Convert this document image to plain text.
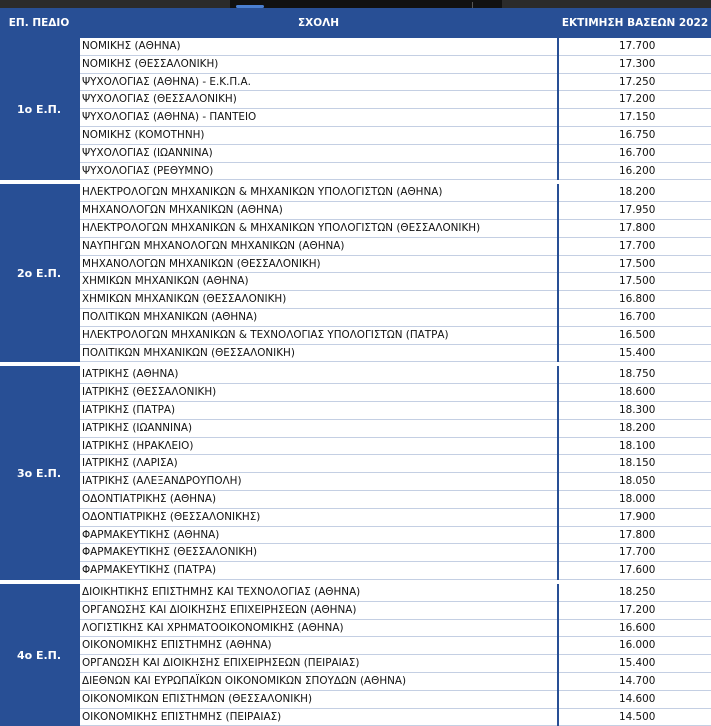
ΕΠ. ΠΕΔΙΟ	ΣΧΟΛΗ	ΕΚΤΙΜΗΣΗ ΒΑΣΕΩΝ 2022
1ο Ε.Π.
ΝΟΜΙΚΗΣ (ΑΘΗΝΑ)
ΝΟΜΙΚΗΣ (ΘΕΣΣΑΛΟΝΙΚΗ)
ΨΥΧΟΛΟΓΙΑΣ (ΑΘΗΝΑ) - Ε.Κ.Π.Α.
ΨΥΧΟΛΟΓΙΑΣ (ΘΕΣΣΑΛΟΝΙΚΗ)
ΨΥΧΟΛΟΓΙΑΣ (ΑΘΗΝΑ) - ΠΑΝΤΕΙΟ
ΝΟΜΙΚΗΣ (ΚΟΜΟΤΗΝΗ)
ΨΥΧΟΛΟΓΙΑΣ (ΙΩΑΝΝΙΝΑ)
ΨΥΧΟΛΟΓΙΑΣ (ΡΕΘΥΜΝΟ)
17.700
17.300
17.250
17.200
17.150
16.750
16.700
16.200
2ο Ε.Π.
ΗΛΕΚΤΡΟΛΟΓΩΝ ΜΗΧΑΝΙΚΩΝ & ΜΗΧΑΝΙΚΩΝ ΥΠΟΛΟΓΙΣΤΩΝ (ΑΘΗΝΑ)
ΜΗΧΑΝΟΛΟΓΩΝ ΜΗΧΑΝΙΚΩΝ (ΑΘΗΝΑ)
ΗΛΕΚΤΡΟΛΟΓΩΝ ΜΗΧΑΝΙΚΩΝ & ΜΗΧΑΝΙΚΩΝ ΥΠΟΛΟΓΙΣΤΩΝ (ΘΕΣΣΑΛΟΝΙΚΗ)
ΝΑΥΠΗΓΩΝ ΜΗΧΑΝΟΛΟΓΩΝ ΜΗΧΑΝΙΚΩΝ (ΑΘΗΝΑ)
ΜΗΧΑΝΟΛΟΓΩΝ ΜΗΧΑΝΙΚΩΝ (ΘΕΣΣΑΛΟΝΙΚΗ)
ΧΗΜΙΚΩΝ ΜΗΧΑΝΙΚΩΝ (ΑΘΗΝΑ)
ΧΗΜΙΚΩΝ ΜΗΧΑΝΙΚΩΝ (ΘΕΣΣΑΛΟΝΙΚΗ)
ΠΟΛΙΤΙΚΩΝ ΜΗΧΑΝΙΚΩΝ (ΑΘΗΝΑ)
ΗΛΕΚΤΡΟΛΟΓΩΝ ΜΗΧΑΝΙΚΩΝ & ΤΕΧΝΟΛΟΓΙΑΣ ΥΠΟΛΟΓΙΣΤΩΝ (ΠΑΤΡΑ)
ΠΟΛΙΤΙΚΩΝ ΜΗΧΑΝΙΚΩΝ (ΘΕΣΣΑΛΟΝΙΚΗ)
18.200
17.950
17.800
17.700
17.500
17.500
16.800
16.700
16.500
15.400
3ο Ε.Π.
ΙΑΤΡΙΚΗΣ (ΑΘΗΝΑ)
ΙΑΤΡΙΚΗΣ (ΘΕΣΣΑΛΟΝΙΚΗ)
ΙΑΤΡΙΚΗΣ (ΠΑΤΡΑ)
ΙΑΤΡΙΚΗΣ (ΙΩΑΝΝΙΝΑ)
ΙΑΤΡΙΚΗΣ (ΗΡΑΚΛΕΙΟ)
ΙΑΤΡΙΚΗΣ (ΛΑΡΙΣΑ)
ΙΑΤΡΙΚΗΣ (ΑΛΕΞΑΝΔΡΟΥΠΟΛΗ)
ΟΔΟΝΤΙΑΤΡΙΚΗΣ (ΑΘΗΝΑ)
ΟΔΟΝΤΙΑΤΡΙΚΗΣ (ΘΕΣΣΑΛΟΝΙΚΗΣ)
ΦΑΡΜΑΚΕΥΤΙΚΗΣ (ΑΘΗΝΑ)
ΦΑΡΜΑΚΕΥΤΙΚΗΣ (ΘΕΣΣΑΛΟΝΙΚΗ)
ΦΑΡΜΑΚΕΥΤΙΚΗΣ (ΠΑΤΡΑ)
18.750
18.600
18.300
18.200
18.100
18.150
18.050
18.000
17.900
17.800
17.700
17.600
4ο Ε.Π.
ΔΙΟΙΚΗΤΙΚΗΣ ΕΠΙΣΤΗΜΗΣ ΚΑΙ ΤΕΧΝΟΛΟΓΙΑΣ (ΑΘΗΝΑ)
ΟΡΓΑΝΩΣΗΣ ΚΑΙ ΔΙΟΙΚΗΣΗΣ ΕΠΙΧΕΙΡΗΣΕΩΝ (ΑΘΗΝΑ)
ΛΟΓΙΣΤΙΚΗΣ ΚΑΙ ΧΡΗΜΑΤΟΟΙΚΟΝΟΜΙΚΗΣ (ΑΘΗΝΑ)
ΟΙΚΟΝΟΜΙΚΗΣ ΕΠΙΣΤΗΜΗΣ (ΑΘΗΝΑ)
ΟΡΓΑΝΩΣΗ ΚΑΙ ΔΙΟΙΚΗΣΗΣ ΕΠΙΧΕΙΡΗΣΕΩΝ (ΠΕΙΡΑΙΑΣ)
ΔΙΕΘΝΩΝ ΚΑΙ ΕΥΡΩΠΑΪΚΩΝ ΟΙΚΟΝΟΜΙΚΩΝ ΣΠΟΥΔΩΝ (ΑΘΗΝΑ)
ΟΙΚΟΝΟΜΙΚΩΝ ΕΠΙΣΤΗΜΩΝ (ΘΕΣΣΑΛΟΝΙΚΗ)
ΟΙΚΟΝΟΜΙΚΗΣ ΕΠΙΣΤΗΜΗΣ (ΠΕΙΡΑΙΑΣ)
18.250
17.200
16.600
16.000
15.400
14.700
14.600
14.500
